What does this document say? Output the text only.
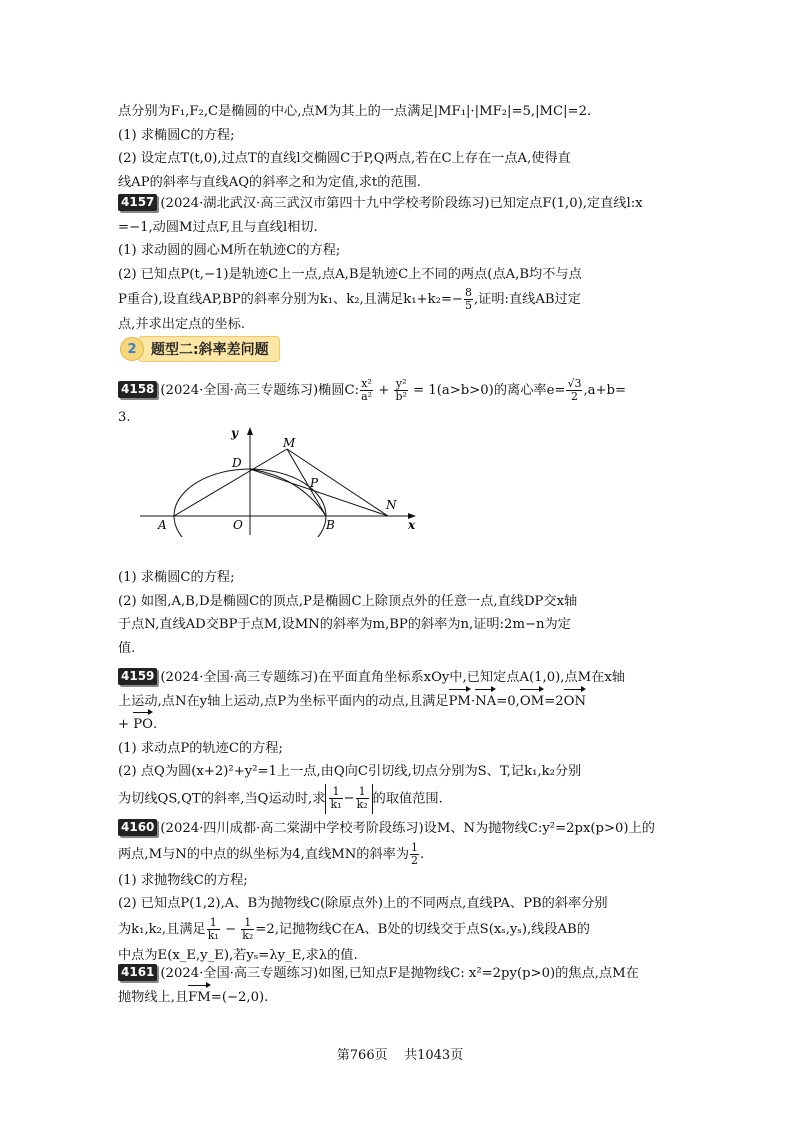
点分别为F₁,F₂,C是椭圆的中心,点M为其上的一点满足|MF₁|·|MF₂|=5,|MC|=2.
(1) 求椭圆C的方程;
(2) 设定点T(t,0),过点T的直线l交椭圆C于P,Q两点,若在C上存在一点A,使得直
线AP的斜率与直线AQ的斜率之和为定值,求t的范围.
4157 (2024·湖北武汉·高三武汉市第四十九中学校考阶段练习)已知定点F(1,0),定直线l:x
=−1,动圆M过点F,且与直线l相切.
(1) 求动圆的圆心M所在轨迹C的方程;
(2) 已知点P(t,−1)是轨迹C上一点,点A,B是轨迹C上不同的两点(点A,B均不与点
P重合),设直线AP,BP的斜率分别为k₁、k₂,且满足$k_1+k_2=- \frac{8}{5}$ ,证明:直线AB过定
点,并求出定点的坐标.
2	题型二:斜率差问题
4158 (2024·全国·高三专题练习)椭圆C: $\frac{\text{x²}}{\text{a²}} + \frac{\text{y²}}{\text{b²}} = 1(a>b>0)$的离心率$e= \frac{√3}{2} ,a+b=$
3.
y
x
D
M
P
N
A	O	B
(1) 求椭圆C的方程;
(2) 如图,A,B,D是椭圆C的顶点,P是椭圆C上除顶点外的任意一点,直线DP交x轴
于点N,直线AD交BP于点M,设MN的斜率为m,BP的斜率为n,证明:2m−n为定
值.
4159 (2024·全国·高三专题练习)在平面直角坐标系xOy中,已知定点A(1,0),点M在x轴
上运动,点N在y轴上运动,点P为坐标平面内的动点,且满足PM·NA=0,OM=2ON
+ PO.
(1) 求动点P的轨迹C的方程;
(2) 点Q为圆(x+2)²+y²=1上一点,由Q向C引切线,切点分别为S、T,记k₁,k₂分别
为切线QS,QT的斜率,当Q运动时,求 $\frac{1}{\text{k₁}} - \frac{1}{\text{k₂}}$ 的取值范围.
4160 (2024·四川成都·高二棠湖中学校考阶段练习)设M、N为抛物线C:y²=2px(p>0)上的
两点,M与N的中点的纵坐标为4,直线MN的斜率为 $\frac{1}{2}$ .
(1) 求抛物线C的方程;
(2) 已知点P(1,2),A、B为抛物线C(除原点外)上的不同两点,直线PA、PB的斜率分别
为k₁,k₂,且满足 $\frac{1}{\text{k₁}} - \frac{1}{\text{k₂}} =2$,记抛物线C在A、B处的切线交于点S(xₛ,yₛ),线段AB的
中点为E(x_E,y_E),若yₛ=λy_E,求λ的值.
4161 (2024·全国·高三专题练习)如图,已知点F是抛物线C: x²=2py(p>0)的焦点,点M在
抛物线上,且FM=(−2,0).
第766页    共1043页
